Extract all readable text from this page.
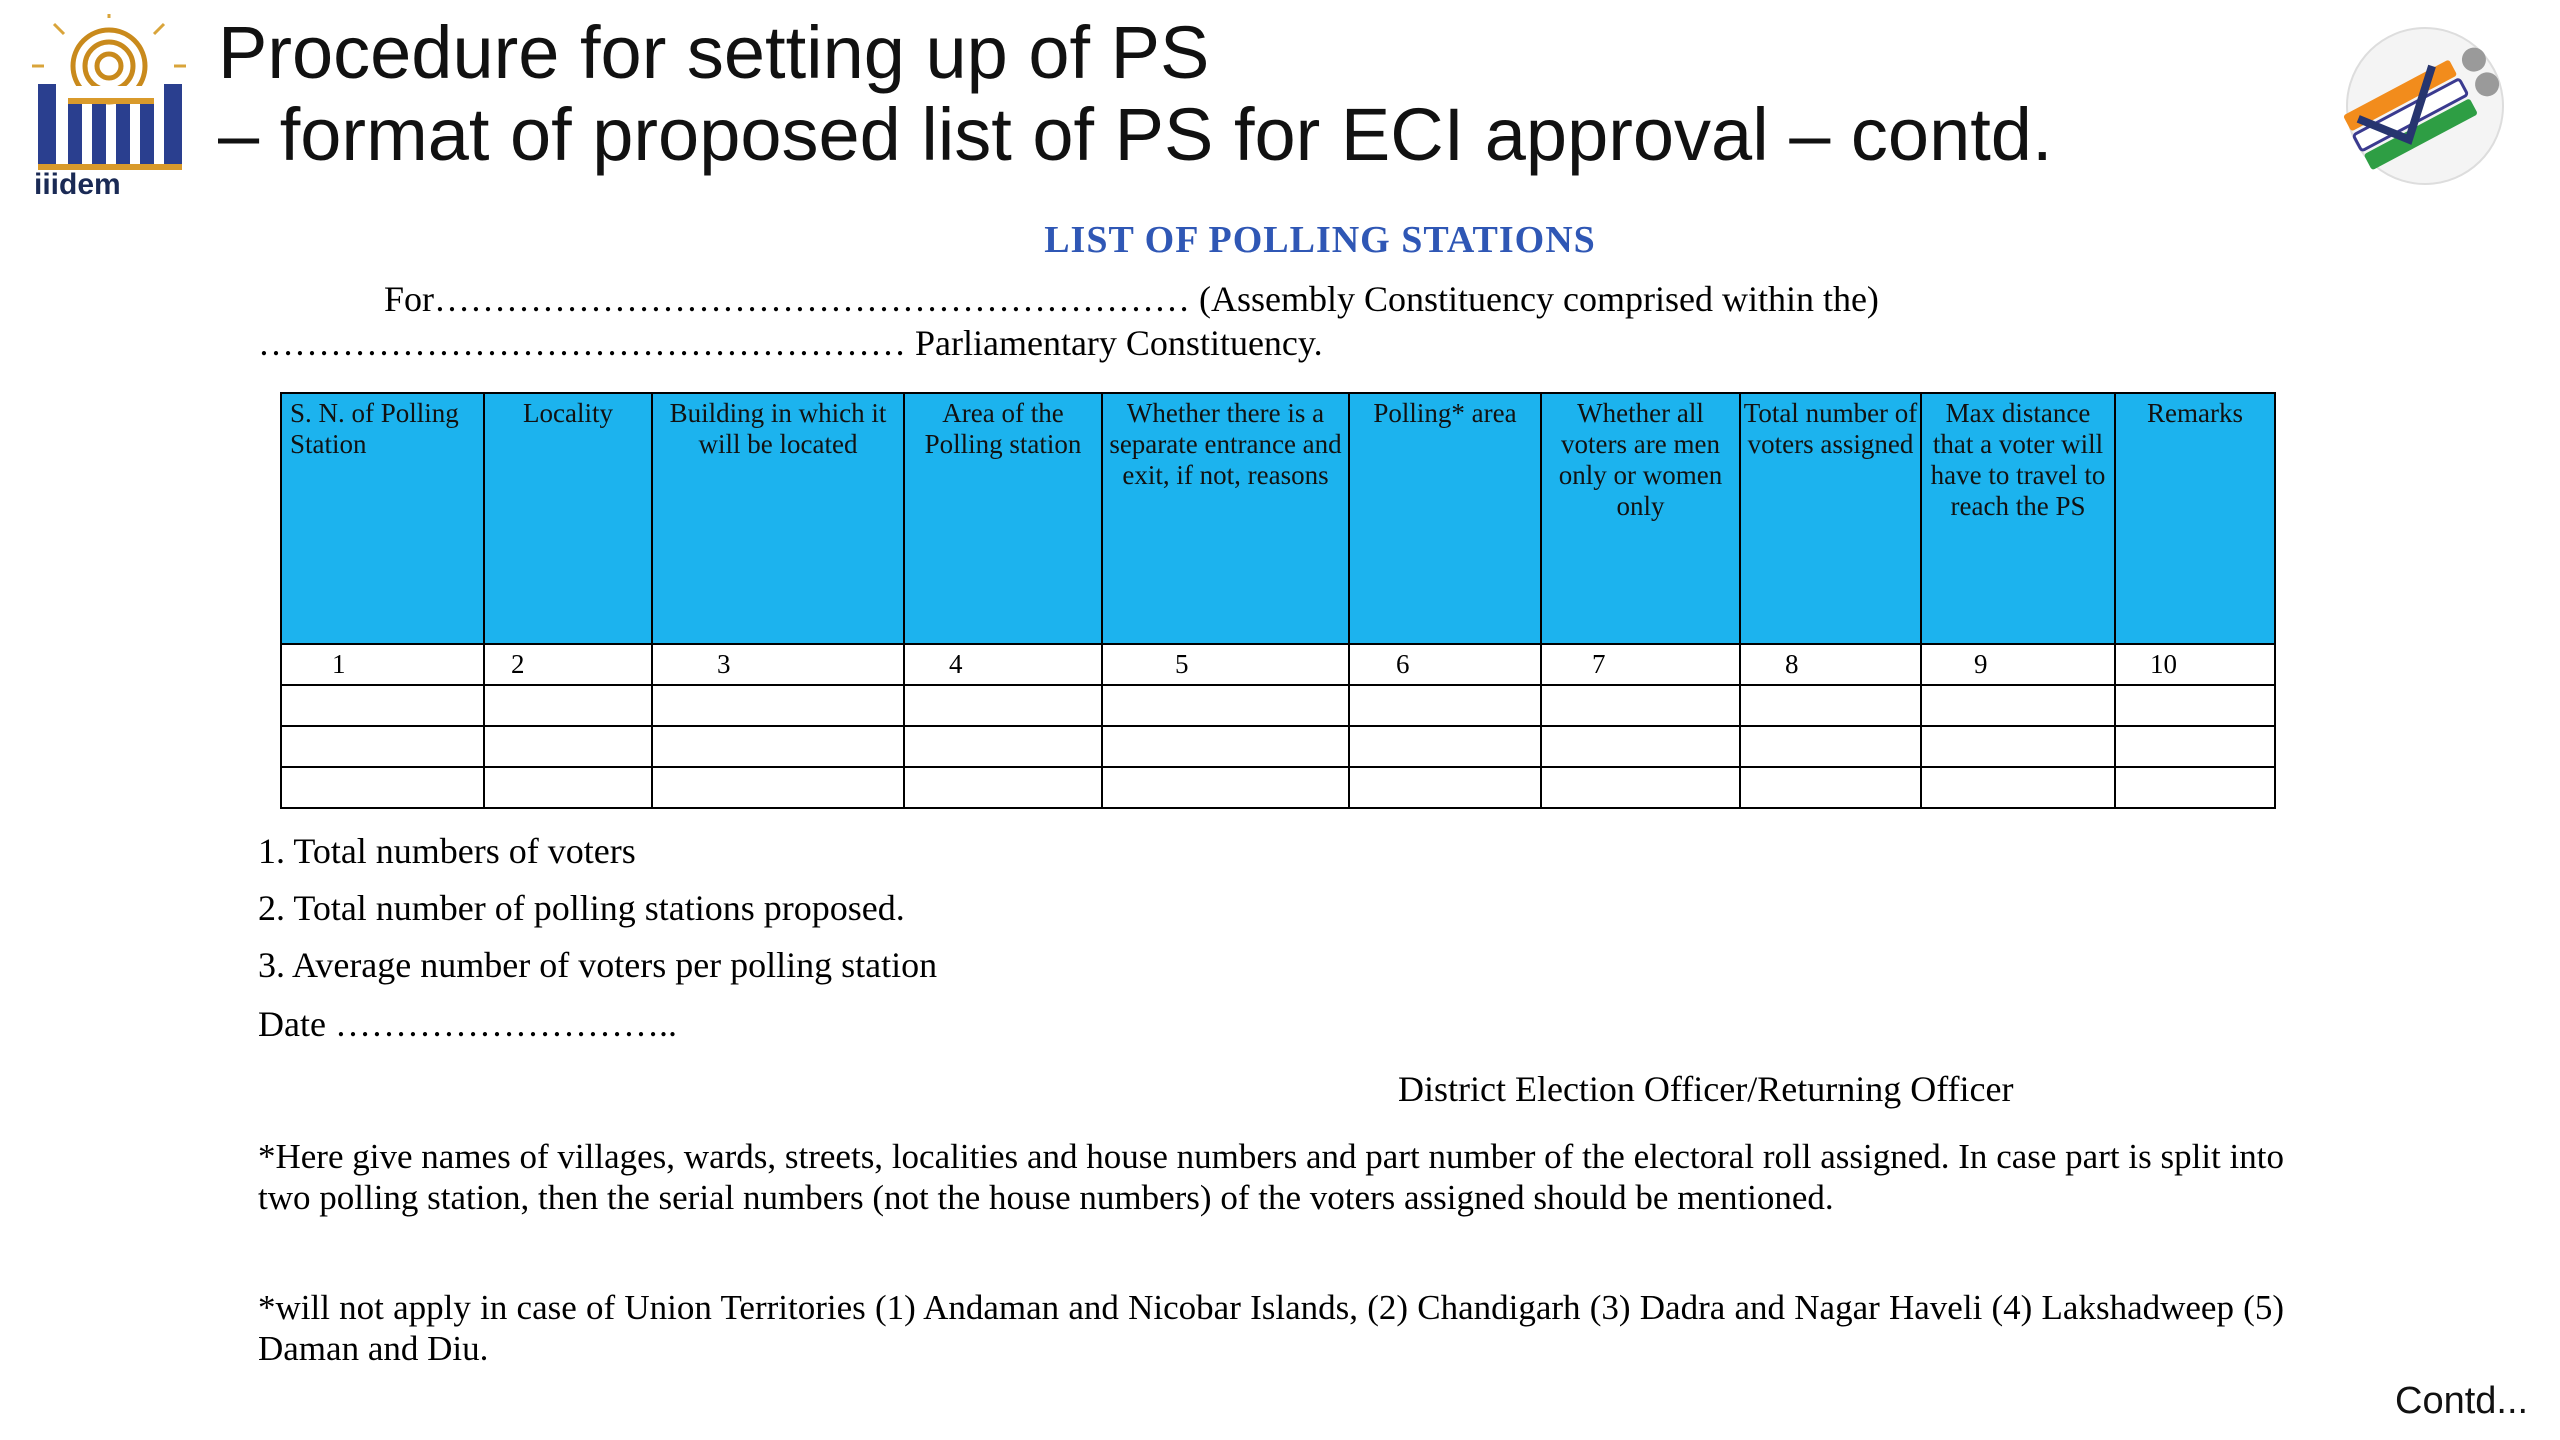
iiidem
Procedure for setting up of PS
– format of proposed list of PS for ECI approval – contd.
LIST OF POLLING STATIONS
For……………………………………………………… (Assembly Constituency comprised within the)
……………………………………………… Parliamentary Constituency.
S. N. of Polling Station	Locality	Building in which it will be located	Area of the Polling station	Whether there is a separate entrance and exit, if not, reasons	Polling* area	Whether all voters are men only or women only	Total number of voters assigned	Max distance that a voter will have to travel to reach the PS	Remarks
1	2	3	4	5	6	7	8	9	10

1. Total numbers of voters
2. Total number of polling stations proposed.
3. Average number of voters per polling station
Date ………………………..
District Election Officer/Returning Officer
*Here give names of villages, wards, streets, localities and house numbers and part number of the electoral roll assigned. In case part is split into two polling station, then the serial numbers (not the house numbers) of the voters assigned should be mentioned.
*will not apply in case of Union Territories (1) Andaman and Nicobar Islands, (2) Chandigarh (3) Dadra and Nagar Haveli (4) Lakshadweep (5) Daman and Diu.
Contd...
